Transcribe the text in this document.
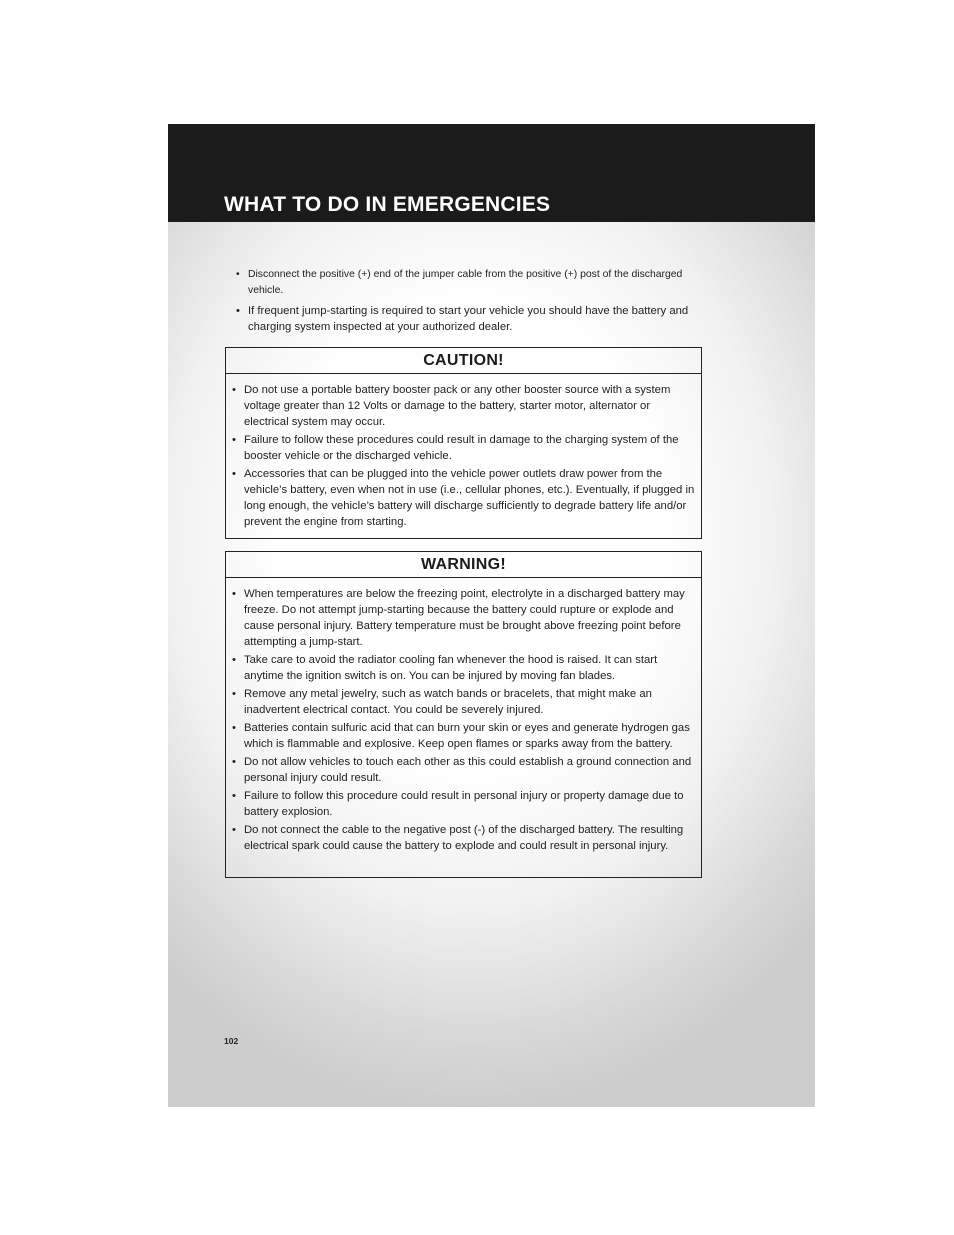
WHAT TO DO IN EMERGENCIES
• Disconnect the positive (+) end of the jumper cable from the positive (+) post of the discharged vehicle.
• If frequent jump-starting is required to start your vehicle you should have the battery and charging system inspected at your authorized dealer.
CAUTION!
• Do not use a portable battery booster pack or any other booster source with a system voltage greater than 12 Volts or damage to the battery, starter motor, alternator or electrical system may occur.
• Failure to follow these procedures could result in damage to the charging system of the booster vehicle or the discharged vehicle.
• Accessories that can be plugged into the vehicle power outlets draw power from the vehicle’s battery, even when not in use (i.e., cellular phones, etc.). Eventually, if plugged in long enough, the vehicle’s battery will discharge sufficiently to degrade battery life and/or prevent the engine from starting.
WARNING!
• When temperatures are below the freezing point, electrolyte in a discharged battery may freeze. Do not attempt jump-starting because the battery could rupture or explode and cause personal injury. Battery temperature must be brought above freezing point before attempting a jump-start.
• Take care to avoid the radiator cooling fan whenever the hood is raised. It can start anytime the ignition switch is on. You can be injured by moving fan blades.
• Remove any metal jewelry, such as watch bands or bracelets, that might make an inadvertent electrical contact. You could be severely injured.
• Batteries contain sulfuric acid that can burn your skin or eyes and generate hydrogen gas which is flammable and explosive. Keep open flames or sparks away from the battery.
• Do not allow vehicles to touch each other as this could establish a ground connection and personal injury could result.
• Failure to follow this procedure could result in personal injury or property damage due to battery explosion.
• Do not connect the cable to the negative post (-) of the discharged battery. The resulting electrical spark could cause the battery to explode and could result in personal injury.
102
